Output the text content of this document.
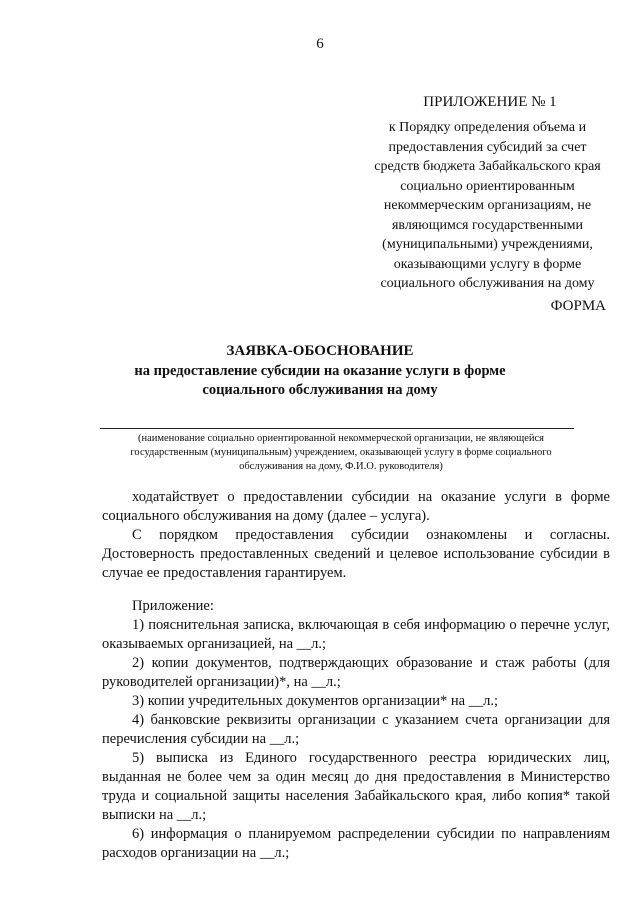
6
ПРИЛОЖЕНИЕ № 1
к Порядку определения объема и
предоставления субсидий за счет
средств бюджета Забайкальского края
социально ориентированным
некоммерческим организациям, не
являющимся государственными
(муниципальными) учреждениями,
оказывающими услугу в форме
социального обслуживания на дому
ФОРМА
ЗАЯВКА-ОБОСНОВАНИЕ
на предоставление субсидии на оказание услуги в форме
социального обслуживания на дому
(наименование социально ориентированной некоммерческой организации, не являющейся
государственным (муниципальным) учреждением, оказывающей услугу в форме социального
обслуживания на дому, Ф.И.О. руководителя)

ходатайствует о предоставлении субсидии на оказание услуги в форме социального обслуживания на дому (далее – услуга).

С порядком предоставления субсидии ознакомлены и согласны. Достоверность предоставленных сведений и целевое использование субсидии в случае ее предоставления гарантируем.

Приложение:

1) пояснительная записка, включающая в себя информацию о перечне услуг, оказываемых организацией, на __л.;

2) копии документов, подтверждающих образование и стаж работы (для руководителей организации)*, на __л.;

3) копии учредительных документов организации* на __л.;

4) банковские реквизиты организации с указанием счета организации для перечисления субсидии на __л.;

5) выписка из Единого государственного реестра юридических лиц, выданная не более чем за один месяц до дня предоставления в Министерство труда и социальной защиты населения Забайкальского края, либо копия* такой выписки на __л.;

6) информация о планируемом распределении субсидии по направлениям расходов организации на __л.;
